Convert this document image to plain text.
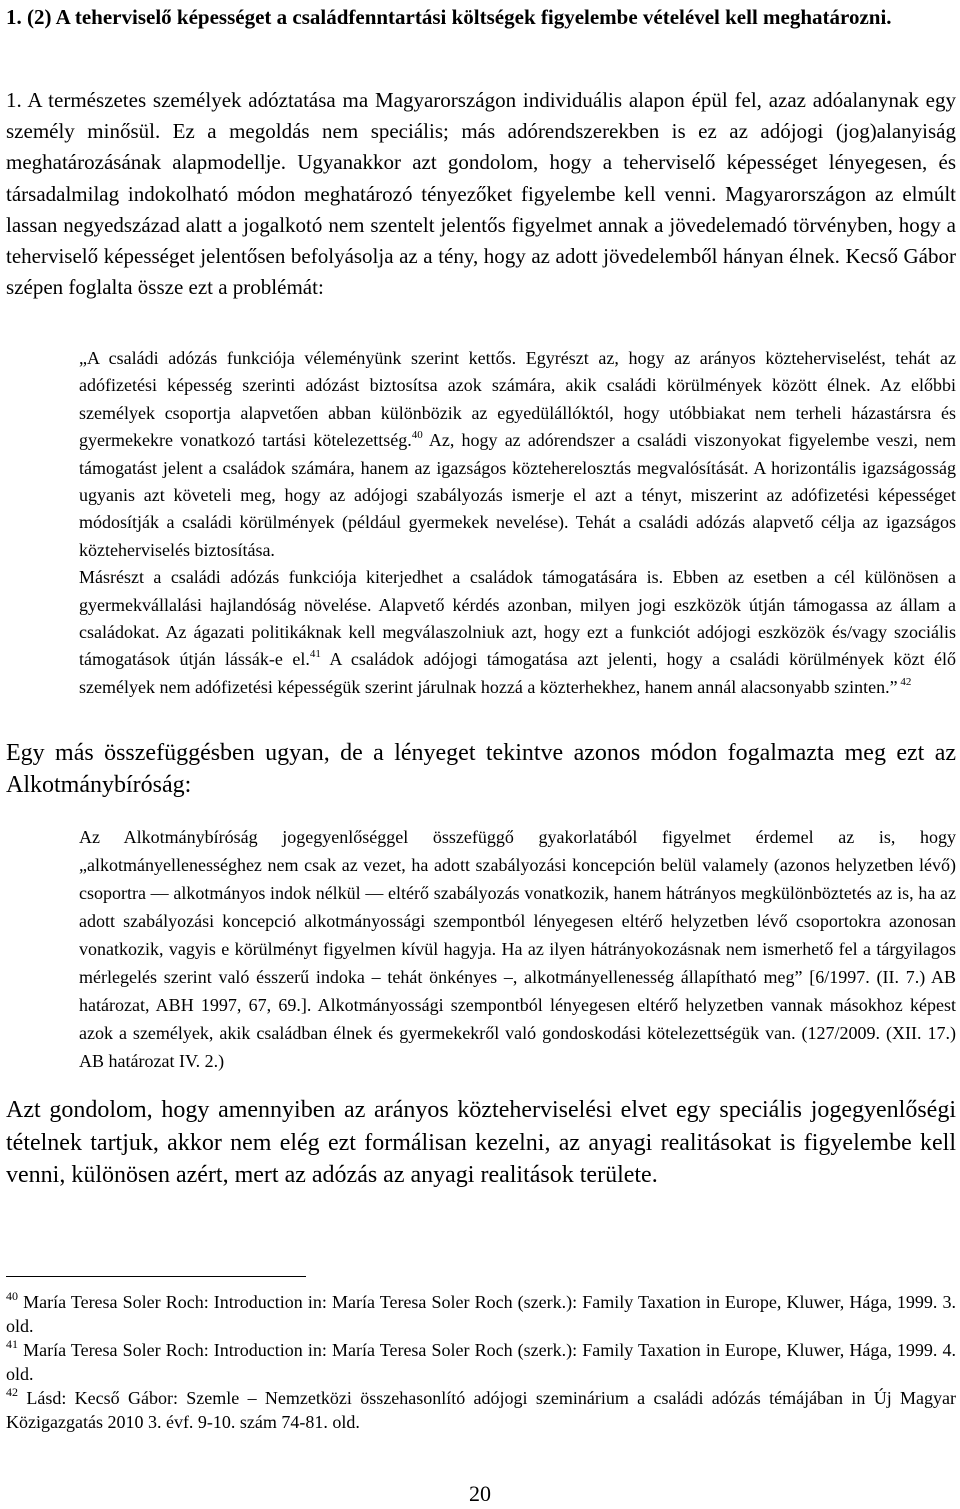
1. (2) A teherviselő képességet a családfenntartási költségek figyelembe vételével kell meghatározni.

1. A természetes személyek adóztatása ma Magyarországon individuális alapon épül fel, azaz adóalanynak egy személy minősül. Ez a megoldás nem speciális; más adórendszerekben is ez az adójogi (jog)alanyiság meghatározásának alapmodellje. Ugyanakkor azt gondolom, hogy a teherviselő képességet lényegesen, és társadalmilag indokolható módon meghatározó tényezőket figyelembe kell venni. Magyarországon az elmúlt lassan negyedszázad alatt a jogalkotó nem szentelt jelentős figyelmet annak a jövedelemadó törvényben, hogy a teherviselő képességet jelentősen befolyásolja az a tény, hogy az adott jövedelemből hányan élnek. Kecső Gábor szépen foglalta össze ezt a problémát:

„A családi adózás funkciója véleményünk szerint kettős. Egyrészt az, hogy az arányos közteherviselést, tehát az adófizetési képesség szerinti adózást biztosítsa azok számára, akik családi körülmények között élnek. Az előbbi személyek csoportja alapvetően abban különbözik az egyedülállóktól, hogy utóbbiakat nem terheli házastársra és gyermekekre vonatkozó tartási kötelezettség.$^{40}$ Az, hogy az adórendszer a családi viszonyokat figyelembe veszi, nem támogatást jelent a családok számára, hanem az igazságos közteherelosztás megvalósítását. A horizontális igazságosság ugyanis azt követeli meg, hogy az adójogi szabályozás ismerje el azt a tényt, miszerint az adófizetési képességet módosítják a családi körülmények (például gyermekek nevelése). Tehát a családi adózás alapvető célja az igazságos közteherviselés biztosítása.
Másrészt a családi adózás funkciója kiterjedhet a családok támogatására is. Ebben az esetben a cél különösen a gyermekvállalási hajlandóság növelése. Alapvető kérdés azonban, milyen jogi eszközök útján támogassa az állam a családokat. Az ágazati politikáknak kell megválaszolniuk azt, hogy ezt a funkciót adójogi eszközök és/vagy szociális támogatások útján lássák-e el.$^{41}$ A családok adójogi támogatása azt jelenti, hogy a családi körülmények közt élő személyek nem adófizetési képességük szerint járulnak hozzá a közterhekhez, hanem annál alacsonyabb szinten.” $^{42}$

Egy más összefüggésben ugyan, de a lényeget tekintve azonos módon fogalmazta meg ezt az Alkotmánybíróság:

Az Alkotmánybíróság jogegyenlőséggel összefüggő gyakorlatából figyelmet érdemel az is, hogy „alkotmányellenességhez nem csak az vezet, ha adott szabályozási koncepción belül valamely (azonos helyzetben lévő) csoportra — alkotmányos indok nélkül — eltérő szabályozás vonatkozik, hanem hátrányos megkülönböztetés az is, ha az adott szabályozási koncepció alkotmányossági szempontból lényegesen eltérő helyzetben lévő csoportokra azonosan vonatkozik, vagyis e körülményt figyelmen kívül hagyja. Ha az ilyen hátrányokozásnak nem ismerhető fel a tárgyilagos mérlegelés szerint való ésszerű indoka – tehát önkényes –, alkotmányellenesség állapítható meg” [6/1997. (II. 7.) AB határozat, ABH 1997, 67, 69.]. Alkotmányossági szempontból lényegesen eltérő helyzetben vannak másokhoz képest azok a személyek, akik családban élnek és gyermekekről való gondoskodási kötelezettségük van. (127/2009. (XII. 17.) AB határozat IV. 2.)

Azt gondolom, hogy amennyiben az arányos közteherviselési elvet egy speciális jogegyenlőségi tételnek tartjuk, akkor nem elég ezt formálisan kezelni, az anyagi realitásokat is figyelembe kell venni, különösen azért, mert az adózás az anyagi realitások területe.

$^{40}$ María Teresa Soler Roch: Introduction in: María Teresa Soler Roch (szerk.): Family Taxation in Europe, Kluwer, Hága, 1999. 3. old.

$^{41}$ María Teresa Soler Roch: Introduction in: María Teresa Soler Roch (szerk.): Family Taxation in Europe, Kluwer, Hága, 1999. 4. old.

$^{42}$ Lásd: Kecső Gábor: Szemle – Nemzetközi összehasonlító adójogi szeminárium a családi adózás témájában in Új Magyar Közigazgatás 2010 3. évf. 9-10. szám 74-81. old.

20
